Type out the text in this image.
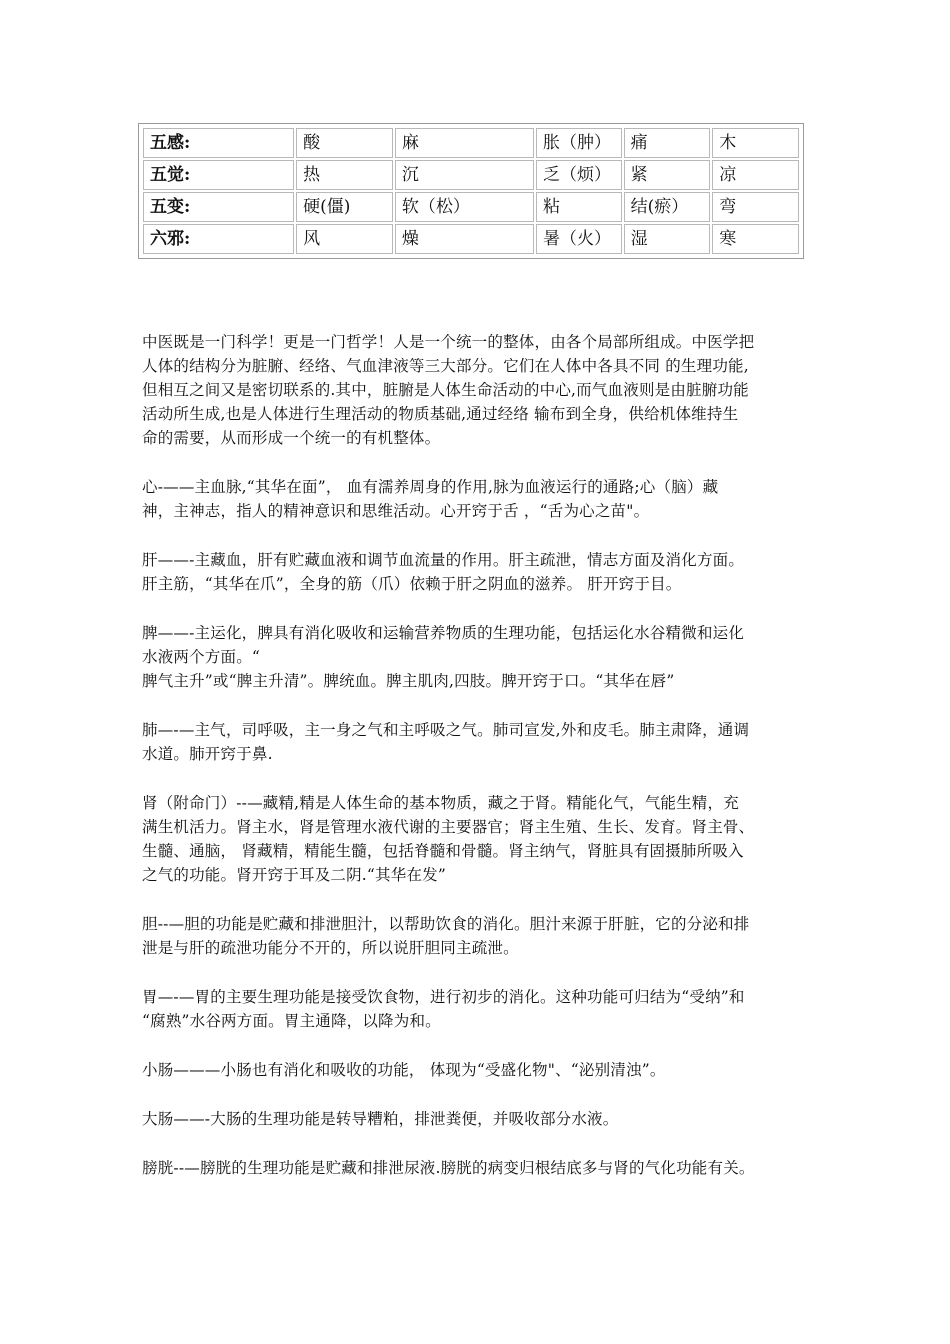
五感:	酸	麻	胀（肿）	痛	木
五觉:	热	沉	乏（烦）	紧	凉
五变:	硬(僵)	软（松）	粘	结(瘀）	弯
六邪:	风	燥	暑（火）	湿	寒

中医既是一门科学！更是一门哲学！人是一个统一的整体，由各个局部所组成。中医学把
人体的结构分为脏腑、经络、气血津液等三大部分。它们在人体中各具不同 的生理功能,
但相互之间又是密切联系的.其中，脏腑是人体生命活动的中心,而气血液则是由脏腑功能
活动所生成,也是人体进行生理活动的物质基础,通过经络 输布到全身，供给机体维持生
命的需要，从而形成一个统一的有机整体。

心-——主血脉,“其华在面”， 血有濡养周身的作用,脉为血液运行的通路;心（脑）藏
神，主神志，指人的精神意识和思维活动。心开窍于舌 ，“舌为心之苗"。

肝——-主藏血，肝有贮藏血液和调节血流量的作用。肝主疏泄，情志方面及消化方面。
肝主筋，“其华在爪”，全身的筋（爪）依赖于肝之阴血的滋养。 肝开窍于目。

脾——-主运化，脾具有消化吸收和运输营养物质的生理功能，包括运化水谷精微和运化
水液两个方面。“
脾气主升”或“脾主升清”。脾统血。脾主肌肉,四肢。脾开窍于口。“其华在唇”

肺—-—主气，司呼吸，主一身之气和主呼吸之气。肺司宣发,外和皮毛。肺主肃降，通调
水道。肺开窍于鼻.

肾（附命门）--—藏精,精是人体生命的基本物质，藏之于肾。精能化气，气能生精，充
满生机活力。肾主水，肾是管理水液代谢的主要器官；肾主生殖、生长、发育。肾主骨、
生髓、通脑， 肾藏精，精能生髓，包括脊髓和骨髓。肾主纳气，肾脏具有固摄肺所吸入
之气的功能。肾开窍于耳及二阴.“其华在发”

胆--—胆的功能是贮藏和排泄胆汁，以帮助饮食的消化。胆汁来源于肝脏，它的分泌和排
泄是与肝的疏泄功能分不开的，所以说肝胆同主疏泄。

胃—-—胃的主要生理功能是接受饮食物，进行初步的消化。这种功能可归结为“受纳”和
“腐熟”水谷两方面。胃主通降，以降为和。

小肠———小肠也有消化和吸收的功能， 体现为“受盛化物"、“泌别清浊”。

大肠——-大肠的生理功能是转导糟粕，排泄粪便，并吸收部分水液。

膀胱--—膀胱的生理功能是贮藏和排泄尿液.膀胱的病变归根结底多与肾的气化功能有关。
